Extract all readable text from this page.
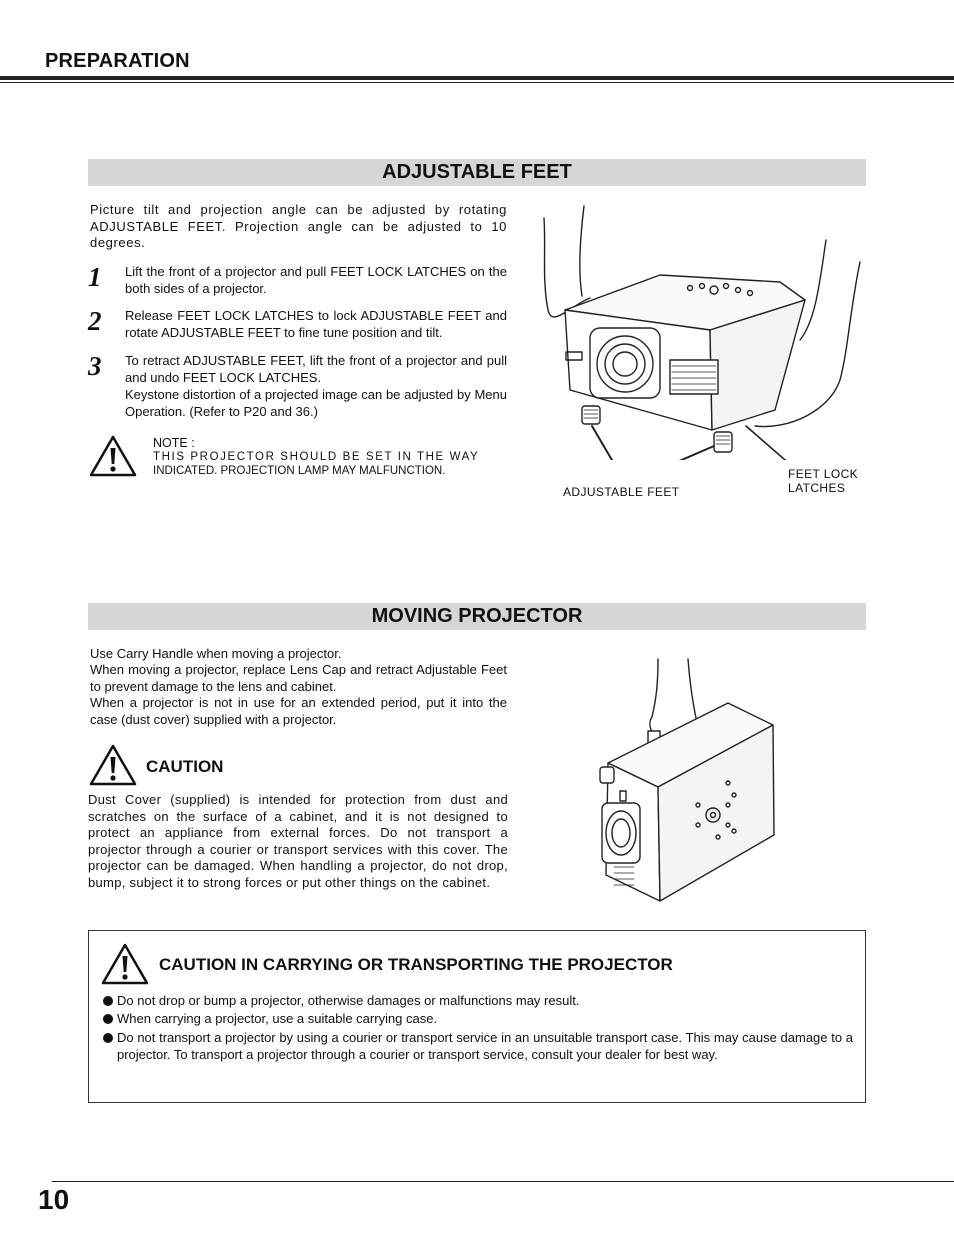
PREPARATION
ADJUSTABLE FEET
Picture tilt and projection angle can be adjusted by rotating ADJUSTABLE FEET. Projection angle can be adjusted to 10 degrees.
1 Lift the front of a projector and pull FEET LOCK LATCHES on the both sides of a projector.
2 Release FEET LOCK LATCHES to lock ADJUSTABLE FEET and rotate ADJUSTABLE FEET to fine tune position and tilt.
3 To retract ADJUSTABLE FEET, lift the front of a projector and pull and undo FEET LOCK LATCHES.
Keystone distortion of a projected image can be adjusted by Menu Operation. (Refer to P20 and 36.)
NOTE :
THIS PROJECTOR SHOULD BE SET IN THE WAY
INDICATED. PROJECTION LAMP MAY MALFUNCTION.
ADJUSTABLE FEET
FEET LOCK
LATCHES
MOVING PROJECTOR
Use Carry Handle when moving a projector.
When moving a projector, replace Lens Cap and retract Adjustable Feet to prevent damage to the lens and cabinet.
When a projector is not in use for an extended period, put it into the case (dust cover) supplied with a projector.
CAUTION
Dust Cover (supplied) is intended for protection from dust and scratches on the surface of a cabinet, and it is not designed to protect an appliance from external forces. Do not transport a projector through a courier or transport services with this cover. The projector can be damaged. When handling a projector, do not drop, bump, subject it to strong forces or put other things on the cabinet.
CAUTION IN CARRYING OR TRANSPORTING THE PROJECTOR
Do not drop or bump a projector, otherwise damages or malfunctions may result.
When carrying a projector, use a suitable carrying case.
Do not transport a projector by using a courier or transport service in an unsuitable transport case. This may cause damage to a projector. To transport a projector through a courier or transport service, consult your dealer for best way.
10
